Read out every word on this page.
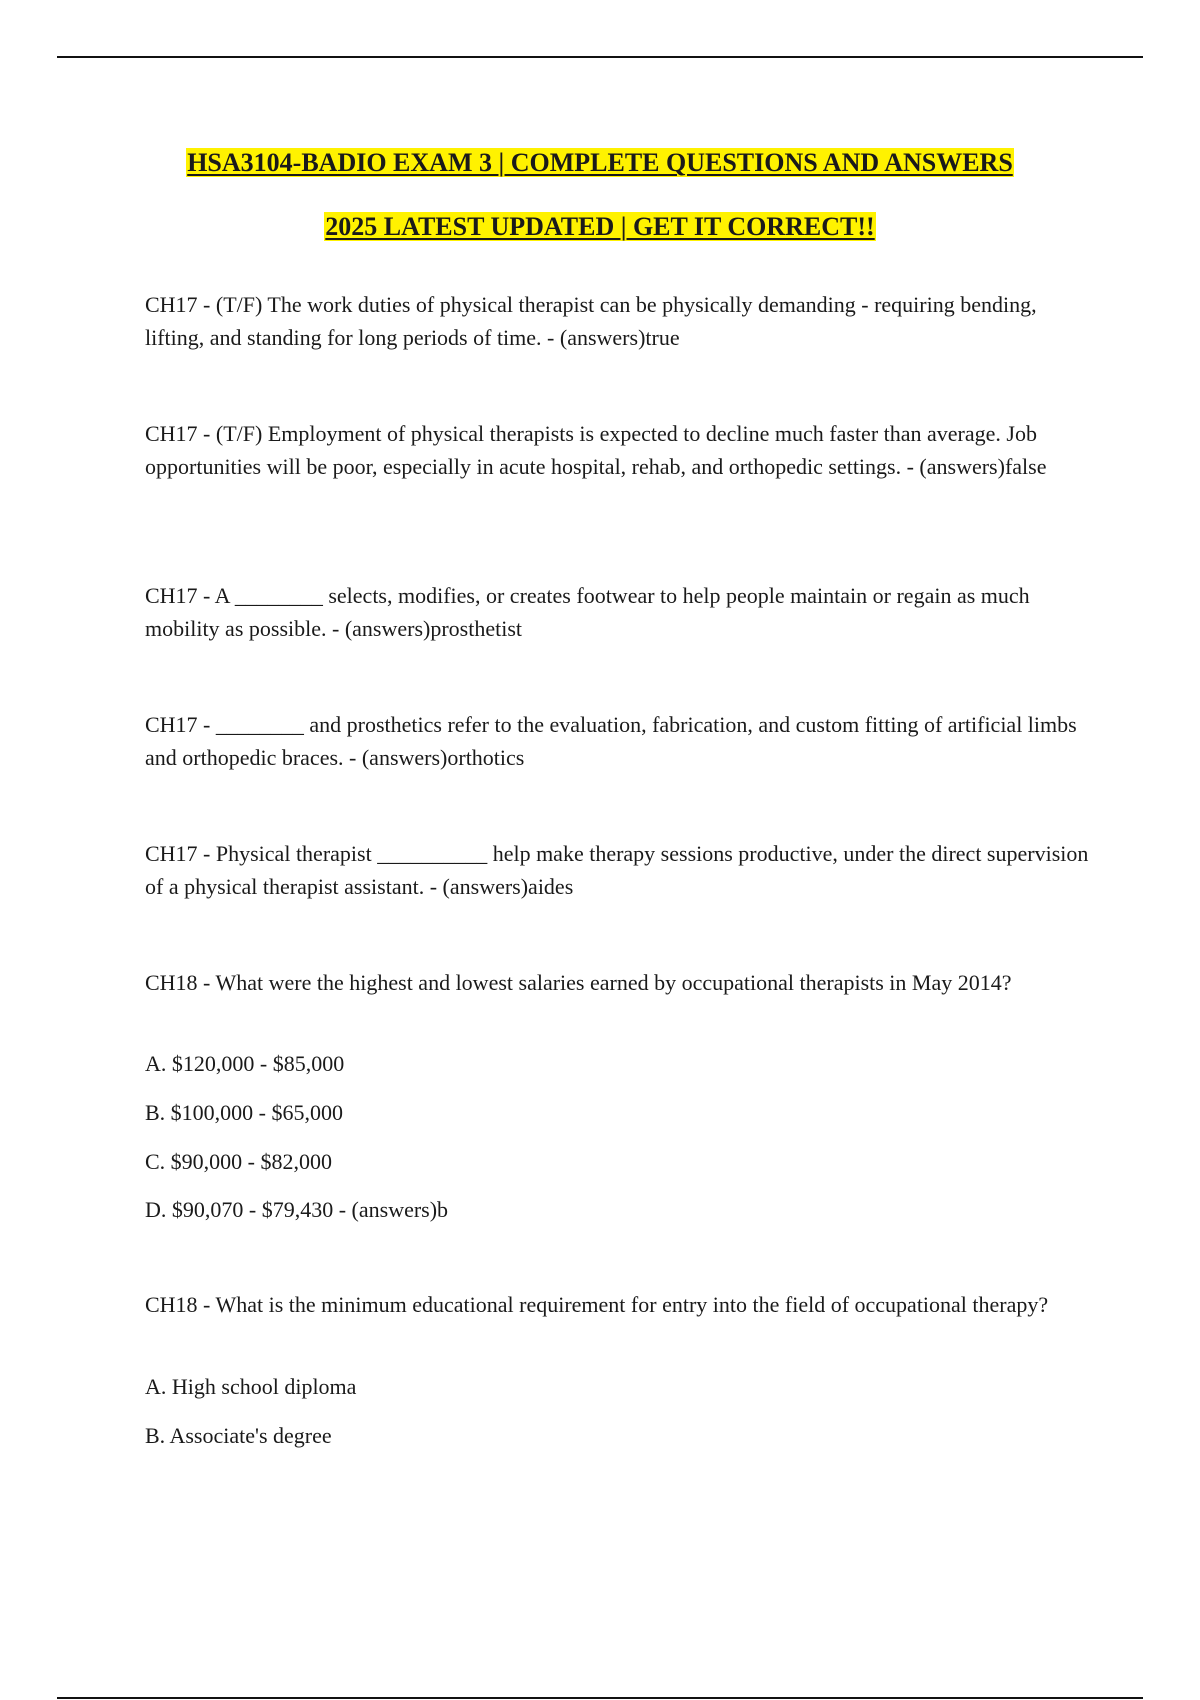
HSA3104-BADIO EXAM 3 | COMPLETE QUESTIONS AND ANSWERS
2025 LATEST UPDATED | GET IT CORRECT!!

CH17 - (T/F) The work duties of physical therapist can be physically demanding - requiring bending, lifting, and standing for long periods of time. - (answers)true

CH17 - (T/F) Employment of physical therapists is expected to decline much faster than average. Job opportunities will be poor, especially in acute hospital, rehab, and orthopedic settings. - (answers)false

CH17 - A ________ selects, modifies, or creates footwear to help people maintain or regain as much mobility as possible. - (answers)prosthetist

CH17 - ________ and prosthetics refer to the evaluation, fabrication, and custom fitting of artificial limbs and orthopedic braces. - (answers)orthotics

CH17 - Physical therapist __________ help make therapy sessions productive, under the direct supervision of a physical therapist assistant. - (answers)aides

CH18 - What were the highest and lowest salaries earned by occupational therapists in May 2014?

A. $120,000 - $85,000

B. $100,000 - $65,000

C. $90,000 - $82,000

D. $90,070 - $79,430 - (answers)b

CH18 - What is the minimum educational requirement for entry into the field of occupational therapy?

A. High school diploma

B. Associate's degree
